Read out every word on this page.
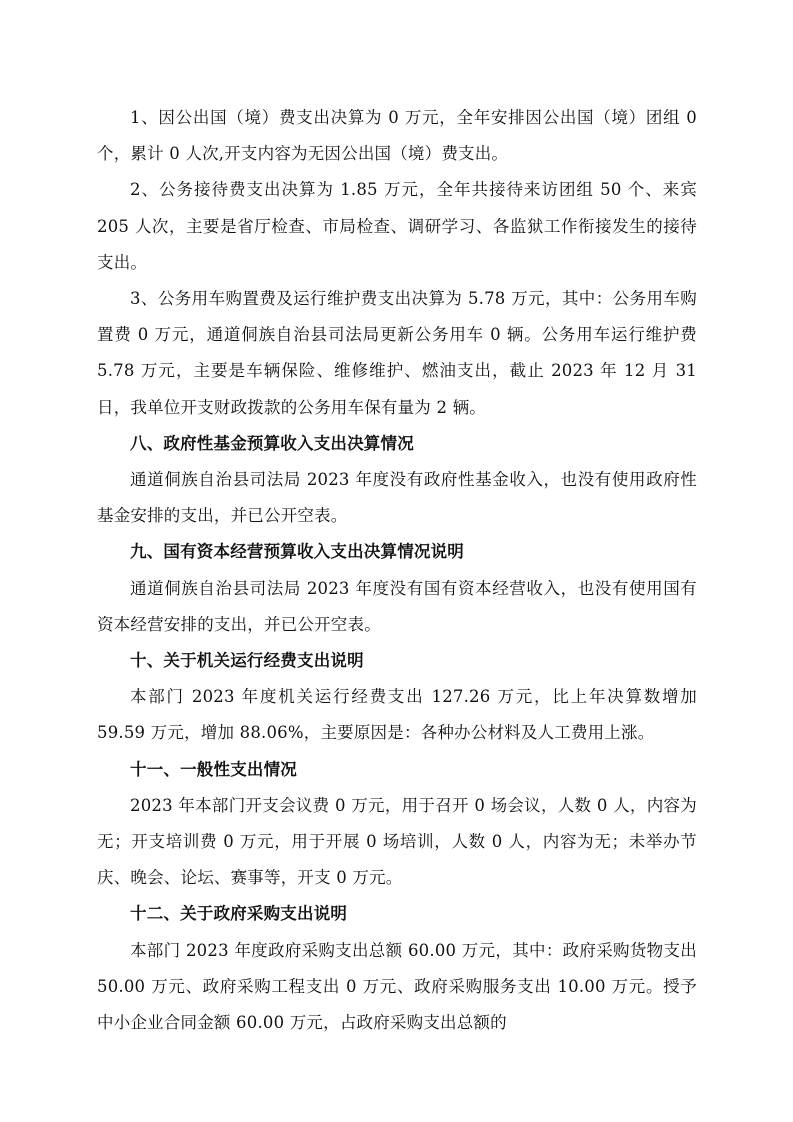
1、因公出国（境）费支出决算为 0 万元，全年安排因公出国（境）团组 0 个，累计 0 人次,开支内容为无因公出国（境）费支出。

2、公务接待费支出决算为 1.85 万元，全年共接待来访团组 50 个、来宾 205 人次，主要是省厅检查、市局检查、调研学习、各监狱工作衔接发生的接待支出。

3、公务用车购置费及运行维护费支出决算为 5.78 万元，其中：公务用车购置费 0 万元，通道侗族自治县司法局更新公务用车 0 辆。公务用车运行维护费 5.78 万元，主要是车辆保险、维修维护、燃油支出，截止 2023 年 12 月 31 日，我单位开支财政拨款的公务用车保有量为 2 辆。

八、政府性基金预算收入支出决算情况

通道侗族自治县司法局 2023 年度没有政府性基金收入，也没有使用政府性基金安排的支出，并已公开空表。

九、国有资本经营预算收入支出决算情况说明

通道侗族自治县司法局 2023 年度没有国有资本经营收入，也没有使用国有资本经营安排的支出，并已公开空表。

十、关于机关运行经费支出说明

本部门 2023 年度机关运行经费支出 127.26 万元，比上年决算数增加 59.59 万元，增加 88.06%，主要原因是：各种办公材料及人工费用上涨。

十一、一般性支出情况

2023 年本部门开支会议费 0 万元，用于召开 0 场会议，人数 0 人，内容为无；开支培训费 0 万元，用于开展 0 场培训，人数 0 人，内容为无；未举办节庆、晚会、论坛、赛事等，开支 0 万元。

十二、关于政府采购支出说明

本部门 2023 年度政府采购支出总额 60.00 万元，其中：政府采购货物支出 50.00 万元、政府采购工程支出 0 万元、政府采购服务支出 10.00 万元。授予中小企业合同金额 60.00 万元，占政府采购支出总额的
